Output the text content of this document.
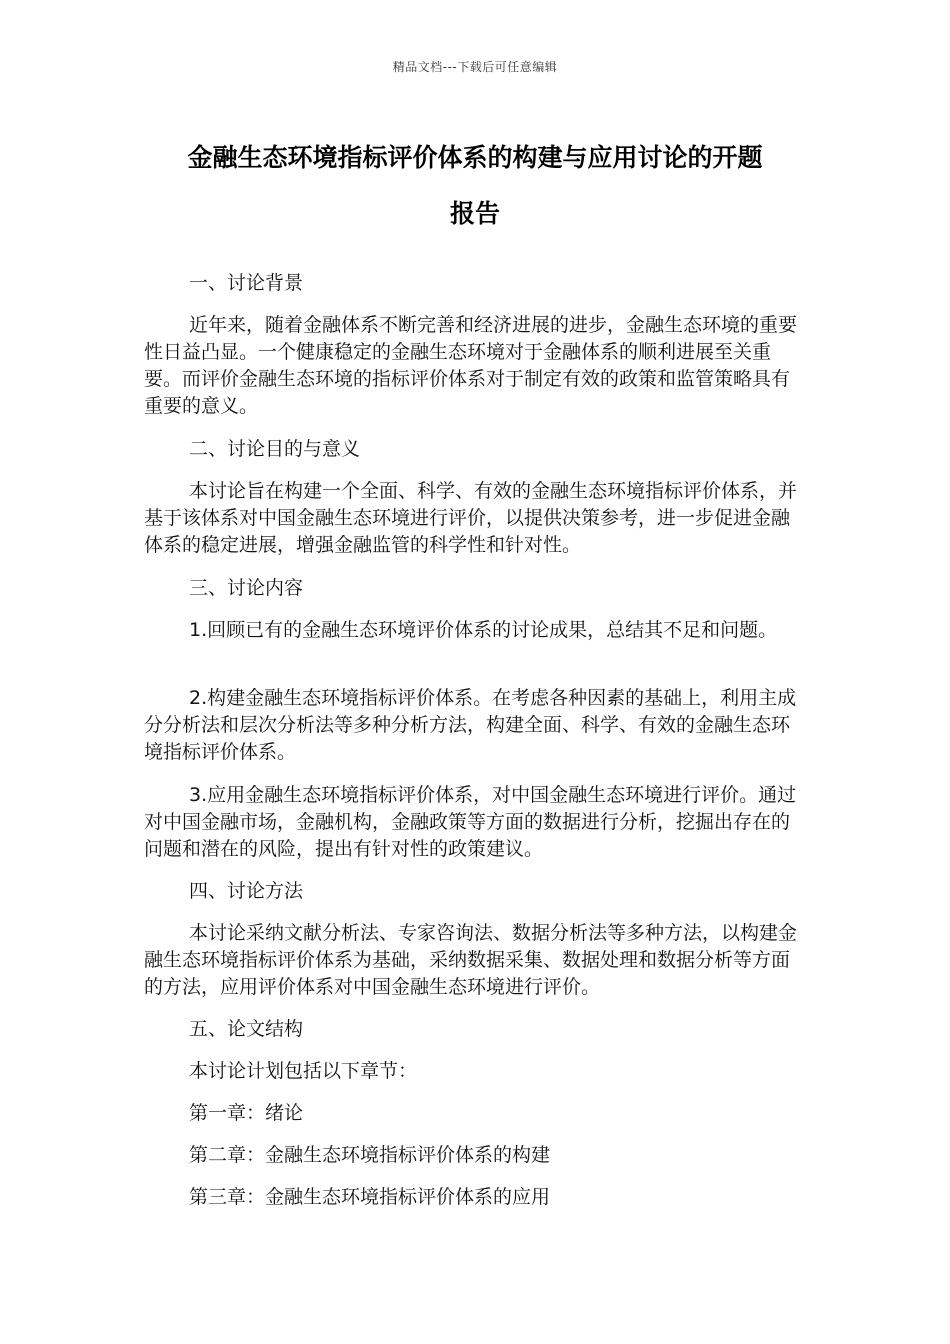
精品文档---下载后可任意编辑
金融生态环境指标评价体系的构建与应用讨论的开题
报告
一、讨论背景

近年来，随着金融体系不断完善和经济进展的进步，金融生态环境的重要性日益凸显。一个健康稳定的金融生态环境对于金融体系的顺利进展至关重要。而评价金融生态环境的指标评价体系对于制定有效的政策和监管策略具有重要的意义。

二、讨论目的与意义

本讨论旨在构建一个全面、科学、有效的金融生态环境指标评价体系，并基于该体系对中国金融生态环境进行评价，以提供决策参考，进一步促进金融体系的稳定进展，增强金融监管的科学性和针对性。

三、讨论内容

1.回顾已有的金融生态环境评价体系的讨论成果，总结其不足和问题。

2.构建金融生态环境指标评价体系。在考虑各种因素的基础上，利用主成分分析法和层次分析法等多种分析方法，构建全面、科学、有效的金融生态环境指标评价体系。

3.应用金融生态环境指标评价体系，对中国金融生态环境进行评价。通过对中国金融市场，金融机构，金融政策等方面的数据进行分析，挖掘出存在的问题和潜在的风险，提出有针对性的政策建议。

四、讨论方法

本讨论采纳文献分析法、专家咨询法、数据分析法等多种方法，以构建金融生态环境指标评价体系为基础，采纳数据采集、数据处理和数据分析等方面的方法，应用评价体系对中国金融生态环境进行评价。

五、论文结构
本讨论计划包括以下章节：
第一章：绪论
第二章：金融生态环境指标评价体系的构建
第三章：金融生态环境指标评价体系的应用
